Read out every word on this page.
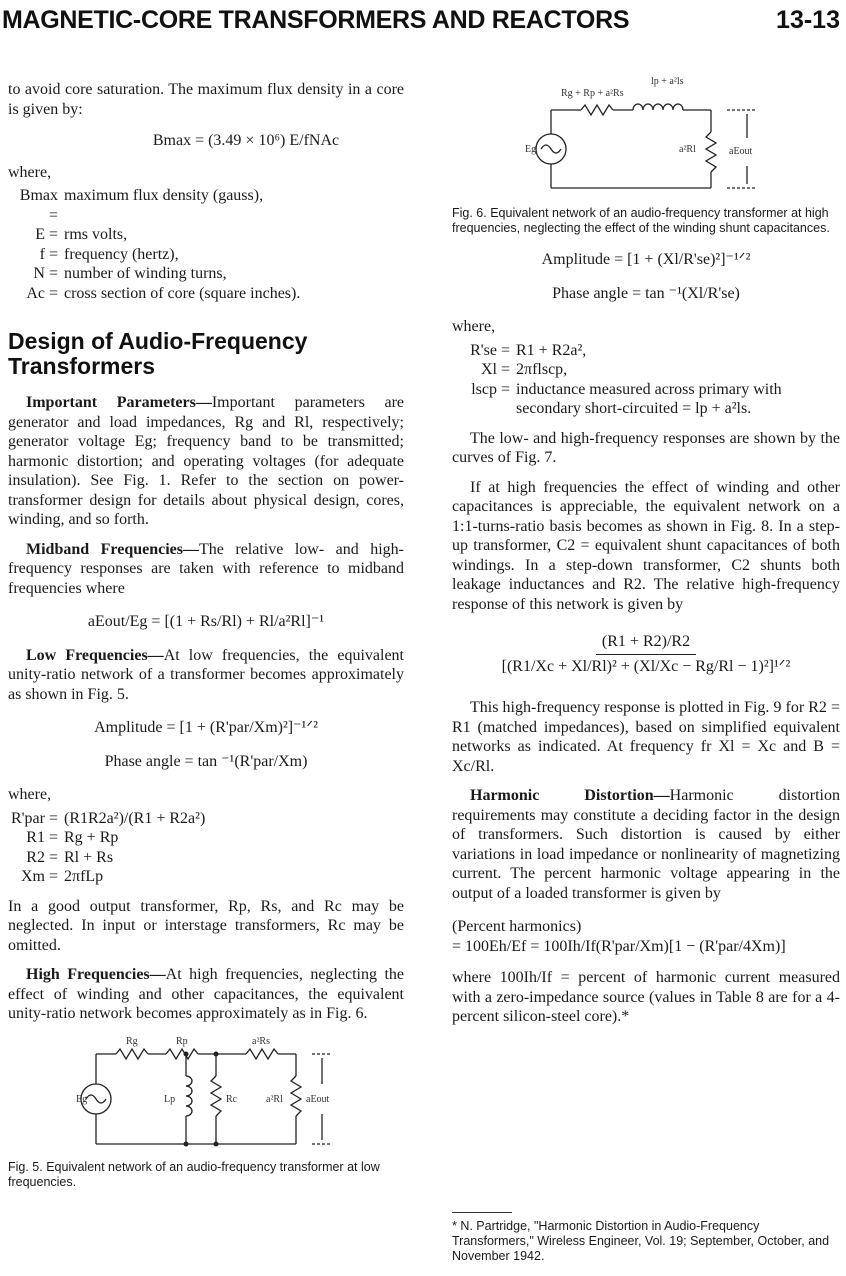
MAGNETIC-CORE TRANSFORMERS AND REACTORS	13-13

to avoid core saturation. The maximum flux density in a core is given by:

Bmax = (3.49 × 10⁶) E/fNAc
where,
Bmax =
maximum flux density (gauss),
E = rms volts,
f = frequency (hertz),
N = number of winding turns,
Ac = cross section of core (square inches).
Design of Audio-Frequency Transformers

Important Parameters—Important parameters are generator and load impedances, Rg and Rl, respectively; generator voltage Eg; frequency band to be transmitted; harmonic distortion; and operating voltages (for adequate insulation). See Fig. 1. Refer to the section on power-transformer design for details about physical design, cores, winding, and so forth.

Midband Frequencies—The relative low- and high-frequency responses are taken with reference to midband frequencies where

aEout/Eg = [(1 + Rs/Rl) + Rl/a²Rl]⁻¹

Low Frequencies—At low frequencies, the equivalent unity-ratio network of a transformer becomes approximately as shown in Fig. 5.

Amplitude = [1 + (R'par/Xm)²]⁻¹ᐟ²
Phase angle = tan ⁻¹(R'par/Xm)
where,
R'par = (R1R2a²)/(R1 + R2a²)
R1 = Rg + Rp
R2 = Rl + Rs
Xm = 2πfLp

In a good output transformer, Rp, Rs, and Rc may be neglected. In input or interstage transformers, Rc may be omitted.

High Frequencies—At high frequencies, neglecting the effect of winding and other capacitances, the equivalent unity-ratio network becomes approximately as in Fig. 6.

Rg	Rp	a²Rs
Eg	Lp	Rc	a²Rl aEout
Fig. 5. Equivalent network of an audio-frequency transformer at low frequencies.
Rg + Rp + a²Rs
lp + a²ls
Eg	a²Rl	aEout
Fig. 6. Equivalent network of an audio-frequency transformer at high frequencies, neglecting the effect of the winding shunt capacitances.
Amplitude = [1 + (Xl/R'se)²]⁻¹ᐟ²
Phase angle = tan ⁻¹(Xl/R'se)
where,
R'se = R1 + R2a²,
Xl = 2πflscp,
lscp = inductance measured across primary with secondary short-circuited = lp + a²ls.

The low- and high-frequency responses are shown by the curves of Fig. 7.

If at high frequencies the effect of winding and other capacitances is appreciable, the equivalent network on a 1:1-turns-ratio basis becomes as shown in Fig. 8. In a step-up transformer, C2 = equivalent shunt capacitances of both windings. In a step-down transformer, C2 shunts both leakage inductances and R2. The relative high-frequency response of this network is given by

(R1 + R2)/R2
[(R1/Xc + Xl/Rl)² + (Xl/Xc − Rg/Rl − 1)²]¹ᐟ²

This high-frequency response is plotted in Fig. 9 for R2 = R1 (matched impedances), based on simplified equivalent networks as indicated. At frequency fr Xl = Xc and B = Xc/Rl.

Harmonic Distortion—Harmonic distortion requirements may constitute a deciding factor in the design of transformers. Such distortion is caused by either variations in load impedance or nonlinearity of magnetizing current. The percent harmonic voltage appearing in the output of a loaded transformer is given by

(Percent harmonics)
= 100Eh/Ef = 100Ih/If(R'par/Xm)[1 − (R'par/4Xm)]

where 100Ih/If = percent of harmonic current measured with a zero-impedance source (values in Table 8 are for a 4-percent silicon-steel core).*

* N. Partridge, "Harmonic Distortion in Audio-Frequency Transformers," Wireless Engineer, Vol. 19; September, October, and November 1942.
